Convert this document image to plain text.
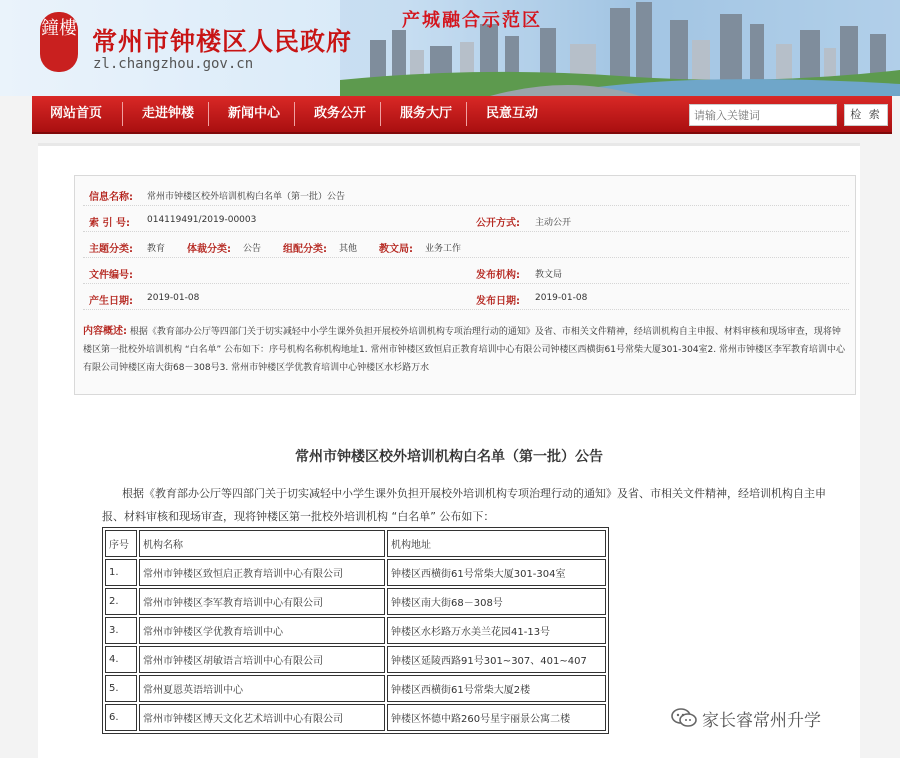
鐘樓 常州市钟楼区人民政府
zl.changzhou.gov.cn
产城融合示范区
网站首页	走进钟楼	新闻中心	政务公开	服务大厅	民意互动
请输入关键词	检 索
信息名称: 常州市钟楼区校外培训机构白名单（第一批）公告
索 引 号: 014119491/2019-00003	公开方式: 主动公开
主题分类: 教育 体裁分类: 公告 组配分类: 其他 教文局: 业务工作
文件编号:	发布机构: 教文局
产生日期: 2019-01-08	发布日期: 2019-01-08
内容概述: 根据《教育部办公厅等四部门关于切实减轻中小学生课外负担开展校外培训机构专项治理行动的通知》及省、市相关文件精神，经培训机构自主申报、材料审核和现场审查，现将钟楼区第一批校外培训机构 “白名单” 公布如下：序号机构名称机构地址1. 常州市钟楼区致恒启正教育培训中心有限公司钟楼区西横街61号常柴大厦301-304室2. 常州市钟楼区李军教育培训中心有限公司钟楼区南大街68－308号3. 常州市钟楼区学优教育培训中心钟楼区水杉路万水
常州市钟楼区校外培训机构白名单（第一批）公告
根据《教育部办公厅等四部门关于切实减轻中小学生课外负担开展校外培训机构专项治理行动的通知》及省、市相关文件精神，经培训机构自主申报、材料审核和现场审查，现将钟楼区第一批校外培训机构 “白名单” 公布如下：
序号	机构名称	机构地址
1.	常州市钟楼区致恒启正教育培训中心有限公司	钟楼区西横街61号常柴大厦301-304室
2.	常州市钟楼区李军教育培训中心有限公司	钟楼区南大街68－308号
3.	常州市钟楼区学优教育培训中心	钟楼区水杉路万水美兰花园41-13号
4.	常州市钟楼区胡敏语言培训中心有限公司	钟楼区延陵西路91号301~307、401~407
5.	常州夏恩英语培训中心	钟楼区西横街61号常柴大厦2楼
6.	常州市钟楼区博天文化艺术培训中心有限公司	钟楼区怀德中路260号星宇丽景公寓二楼	家长睿常州升学
